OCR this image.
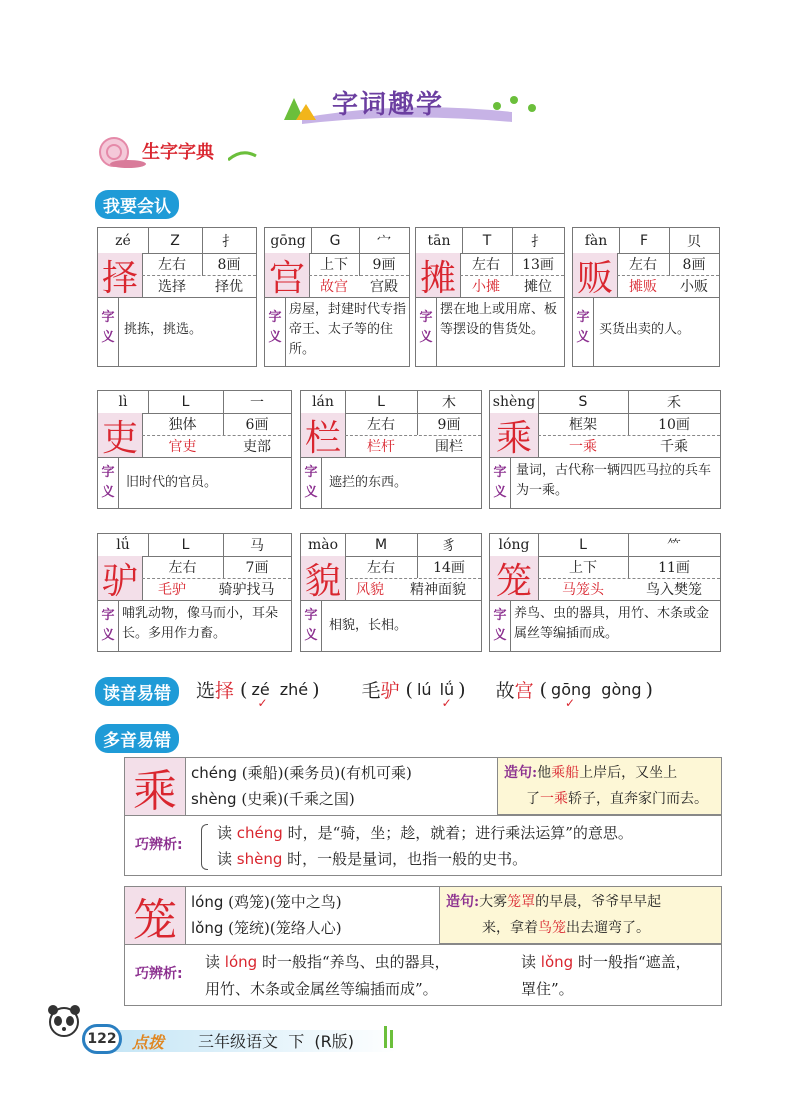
字词趣学
生字字典
我要会认
zé	Z	扌
择	左右	8画
选择	择优
字义
挑拣，挑选。
gōng	G	宀
宫	上下	9画
故宫	宫殿
字义
房屋，封建时代专指帝王、太子等的住所。
tān	T	扌
摊	左右	13画
小摊	摊位
字义
摆在地上或用席、板等摆设的售货处。
fàn	F	贝
贩	左右	8画
摊贩	小贩
字义
买货出卖的人。
lì	L	一
吏	独体	6画
官吏	吏部
字义
旧时代的官员。
lán	L	木
栏	左右	9画
栏杆	围栏
字义
遮拦的东西。
shèng	S	禾
乘	框架	10画
一乘	千乘
字义
量词，古代称一辆四匹马拉的兵车为一乘。
lǘ	L	马
驴	左右	7画
毛驴	骑驴找马
字义
哺乳动物，像马而小，耳朵长。多用作力畜。
mào	M	豸
貌	左右	14画
风貌	精神面貌
字义
相貌，长相。
lóng	L	⺮
笼	上下	11画
马笼头	鸟入樊笼
字义
养鸟、虫的器具，用竹、木条或金属丝等编插而成。
读音易错	选择 ( zé
✓
zhé ) 毛驴 ( lú lǘ
✓
) 故宫 ( gōng
✓
gòng )
多音易错
乘 chéng (乘船)(乘务员)(有机可乘)
shèng (史乘)(千乘之国)
造句:他乘船上岸后，又坐上
了一乘轿子，直奔家门而去。
巧辨析:
读 chéng 时，是“骑，坐；趁，就着；进行乘法运算”的意思。
读 shèng 时，一般是量词，也指一般的史书。
笼 lóng (鸡笼)(笼中之鸟)
lǒng (笼统)(笼络人心)
造句:大雾笼罩的早晨，爷爷早早起
来，拿着鸟笼出去遛弯了。
巧辨析:
读 lóng 时一般指“养鸟、虫的器具，
用竹、木条或金属丝等编插而成”。
读 lǒng 时一般指“遮盖，
罩住”。
122 点拨 三年级语文 下 (R版)
